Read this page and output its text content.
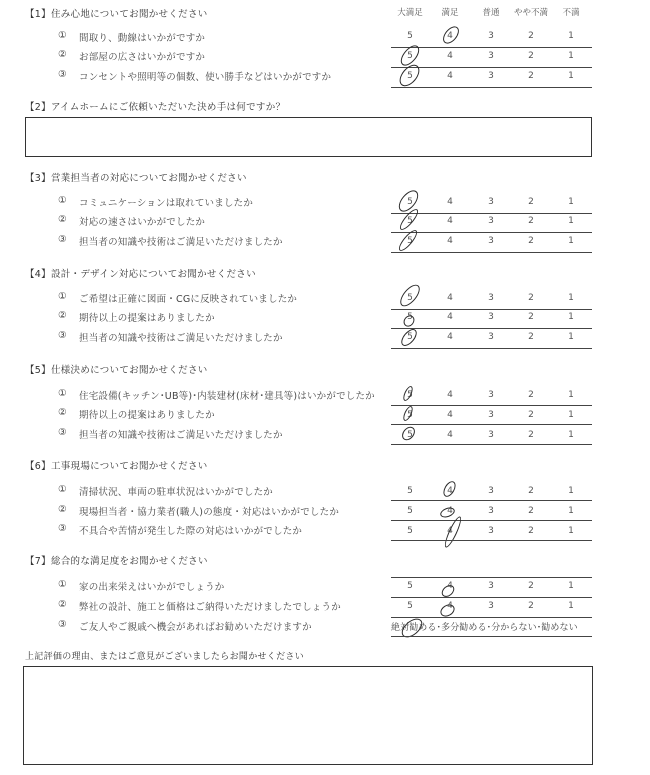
【1】住み心地についてお聞かせください	大満足	満足	普通	やや不満	不満
① 間取り、動線はいかがですか	5	4	3	2	1
② お部屋の広さはいかがですか	5	4	3	2	1
③ コンセントや照明等の個数、使い勝手などはいかがですか	5	4	3	2	1
【2】アイムホームにご依頼いただいた決め手は何ですか？
【3】営業担当者の対応についてお聞かせください
① コミュニケーションは取れていましたか	5	4	3	2	1
② 対応の速さはいかがでしたか	5	4	3	2	1
③ 担当者の知識や技術はご満足いただけましたか	5	4	3	2	1
【4】設計・デザイン対応についてお聞かせください
① ご希望は正確に図面・CGに反映されていましたか	5	4	3	2	1
② 期待以上の提案はありましたか	5	4	3	2	1
③ 担当者の知識や技術はご満足いただけましたか	5	4	3	2	1
【5】仕様決めについてお聞かせください
① 住宅設備(キッチン･UB等)･内装建材(床材･建具等)はいかがでしたか	5	4	3	2	1
② 期待以上の提案はありましたか	5	4	3	2	1
③ 担当者の知識や技術はご満足いただけましたか	5	4	3	2	1
【6】工事現場についてお聞かせください
① 清掃状況、車両の駐車状況はいかがでしたか	5	4	3	2	1
② 現場担当者・協力業者(職人)の態度・対応はいかがでしたか	5	4	3	2	1
③ 不具合や苦情が発生した際の対応はいかがでしたか	5	4	3	2	1
【7】総合的な満足度をお聞かせください
① 家の出来栄えはいかがでしょうか	5	4	3	2	1
② 弊社の設計、施工と価格はご納得いただけましたでしょうか	5	4	3	2	1
③ ご友人やご親戚へ機会があればお勧めいただけますか	絶対勧める･多分勧める･分からない･勧めない
上記評価の理由、またはご意見がございましたらお聞かせください
